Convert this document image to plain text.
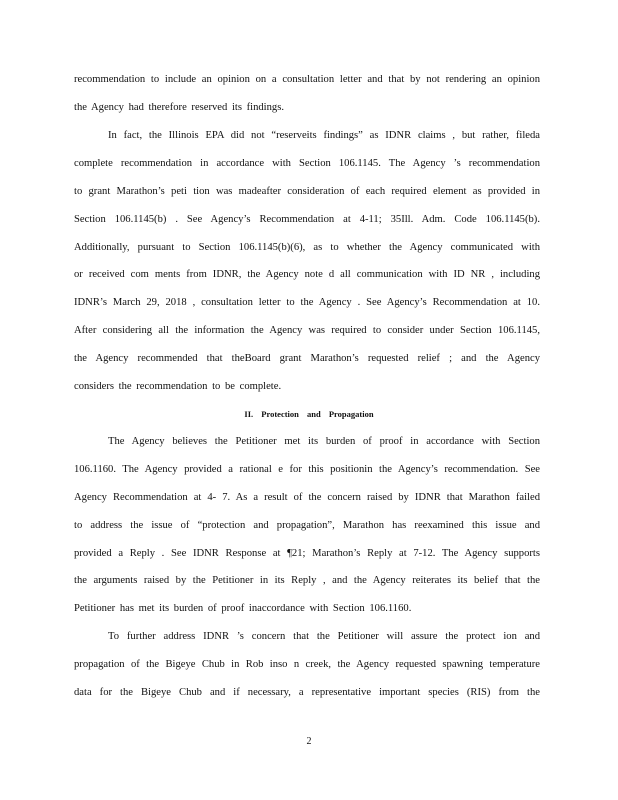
recommendation to include an opinion on a consultation letter and that by not rendering an opinion
the Agency had therefore reserved its findings.
In fact, the Illinois EPA did not “reserveits findings” as IDNR claims , but rather, fileda
complete recommendation in accordance with Section 106.1145. The Agency ’s recommendation
to grant Marathon’s peti tion was madeafter consideration of each required element as provided in
Section 106.1145(b) . See Agency’s Recommendation at 4-11; 35Ill. Adm. Code 106.1145(b).
Additionally, pursuant to Section 106.1145(b)(6), as to whether the Agency communicated with
or received com ments from IDNR, the Agency note d all communication with ID NR , including
IDNR’s March 29, 2018 , consultation letter to the Agency . See Agency’s Recommendation at 10.
After considering all the information the Agency was required to consider under Section 106.1145,
the Agency recommended that theBoard grant Marathon’s requested relief ; and the Agency
considers the recommendation to be complete.
II. Protection and Propagation
The Agency believes the Petitioner met its burden of proof in accordance with Section
106.1160. The Agency provided a rational e for this positionin the Agency’s recommendation. See
Agency Recommendation at 4- 7. As a result of the concern raised by IDNR that Marathon failed
to address the issue of “protection and propagation”, Marathon has reexamined this issue and
provided a Reply . See IDNR Response at ¶21; Marathon’s Reply at 7-12. The Agency supports
the arguments raised by the Petitioner in its Reply , and the Agency reiterates its belief that the
Petitioner has met its burden of proof inaccordance with Section 106.1160.
To further address IDNR ’s concern that the Petitioner will assure the protect ion and
propagation of the Bigeye Chub in Rob inso n creek, the Agency requested spawning temperature
data for the Bigeye Chub and if necessary, a representative important species (RIS) from the
2
